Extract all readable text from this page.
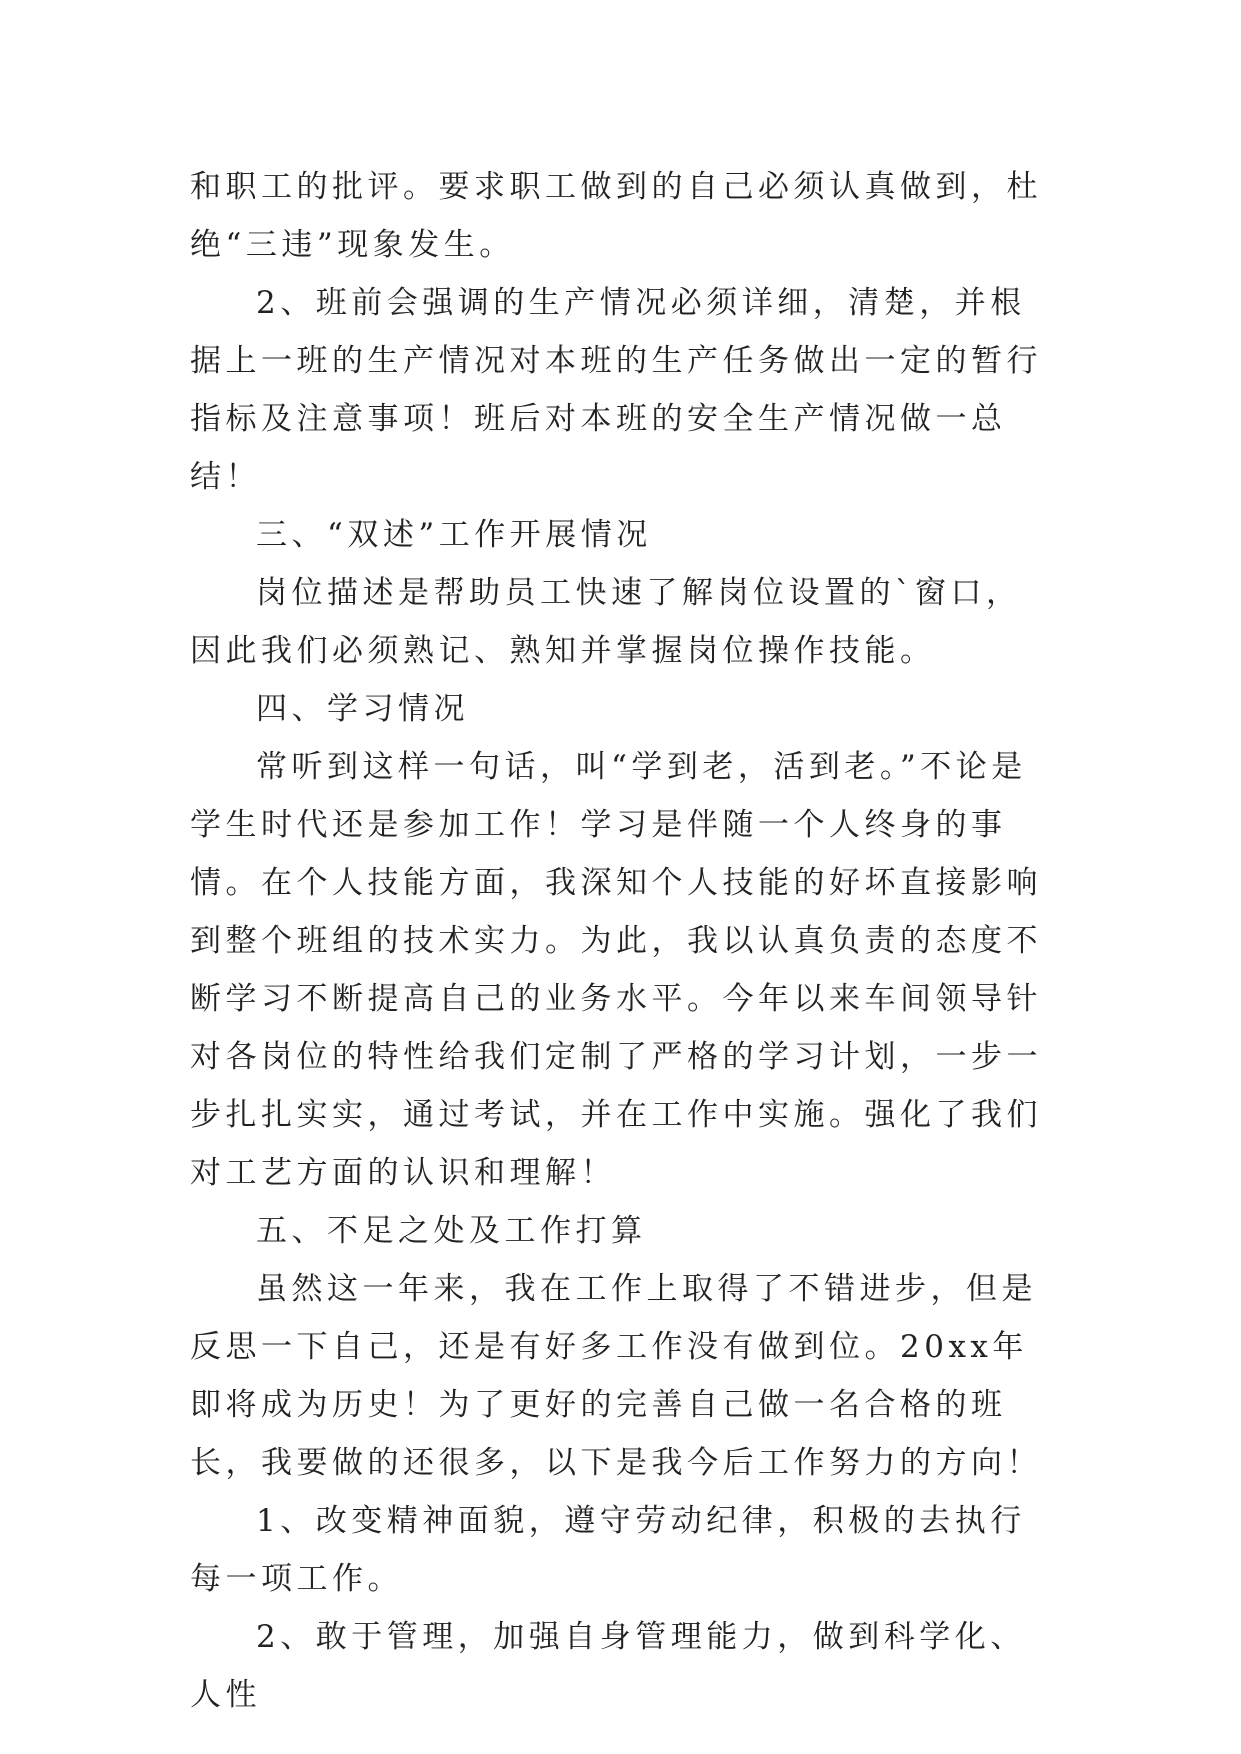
和职工的批评。要求职工做到的自己必须认真做到，杜绝“三违”现象发生。

2、班前会强调的生产情况必须详细，清楚，并根据上一班的生产情况对本班的生产任务做出一定的暂行指标及注意事项！班后对本班的安全生产情况做一总结！

三、“双述”工作开展情况

岗位描述是帮助员工快速了解岗位设置的`窗口，因此我们必须熟记、熟知并掌握岗位操作技能。

四、学习情况

常听到这样一句话，叫“学到老，活到老。”不论是学生时代还是参加工作！学习是伴随一个人终身的事情。在个人技能方面，我深知个人技能的好坏直接影响到整个班组的技术实力。为此，我以认真负责的态度不断学习不断提高自己的业务水平。今年以来车间领导针对各岗位的特性给我们定制了严格的学习计划，一步一步扎扎实实，通过考试，并在工作中实施。强化了我们对工艺方面的认识和理解！

五、不足之处及工作打算

虽然这一年来，我在工作上取得了不错进步，但是反思一下自己，还是有好多工作没有做到位。20xx年即将成为历史！为了更好的完善自己做一名合格的班长，我要做的还很多，以下是我今后工作努力的方向！

1、改变精神面貌，遵守劳动纪律，积极的去执行每一项工作。

2、敢于管理，加强自身管理能力，做到科学化、人性
